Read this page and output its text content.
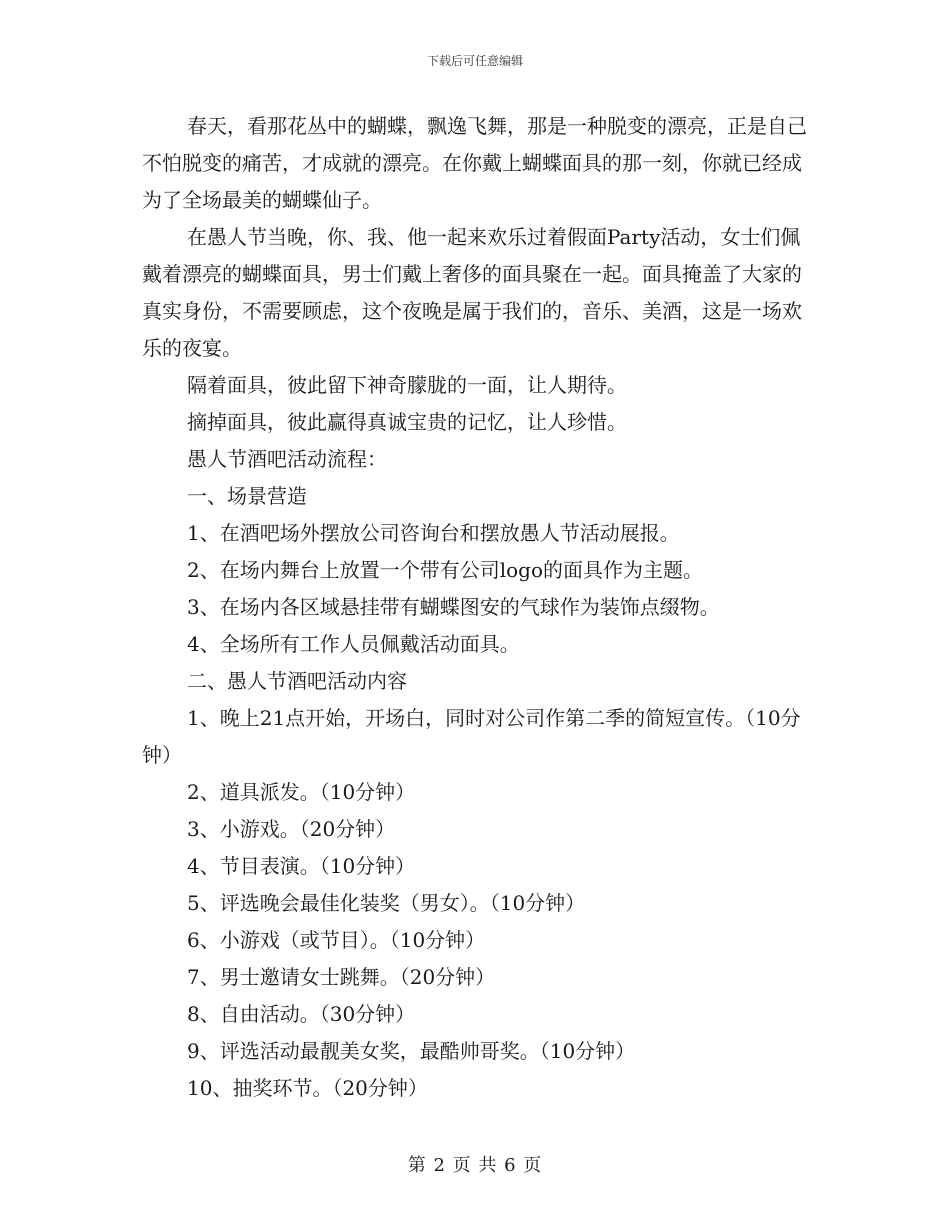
下载后可任意编辑

春天，看那花丛中的蝴蝶，飘逸飞舞，那是一种脱变的漂亮，正是自己不怕脱变的痛苦，才成就的漂亮。在你戴上蝴蝶面具的那一刻，你就已经成为了全场最美的蝴蝶仙子。

在愚人节当晚，你、我、他一起来欢乐过着假面Party活动，女士们佩戴着漂亮的蝴蝶面具，男士们戴上奢侈的面具聚在一起。面具掩盖了大家的真实身份，不需要顾虑，这个夜晚是属于我们的，音乐、美酒，这是一场欢乐的夜宴。

隔着面具，彼此留下神奇朦胧的一面，让人期待。

摘掉面具，彼此赢得真诚宝贵的记忆，让人珍惜。

愚人节酒吧活动流程：

一、场景营造

1、在酒吧场外摆放公司咨询台和摆放愚人节活动展报。

2、在场内舞台上放置一个带有公司logo的面具作为主题。

3、在场内各区域悬挂带有蝴蝶图安的气球作为装饰点缀物。

4、全场所有工作人员佩戴活动面具。

二、愚人节酒吧活动内容

1、晚上21点开始，开场白，同时对公司作第二季的简短宣传。（10分钟）

2、道具派发。（10分钟）

3、小游戏。（20分钟）

4、节目表演。（10分钟）

5、评选晚会最佳化装奖（男女）。（10分钟）

6、小游戏（或节目）。（10分钟）

7、男士邀请女士跳舞。（20分钟）

8、自由活动。（30分钟）

9、评选活动最靓美女奖，最酷帅哥奖。（10分钟）

10、抽奖环节。（20分钟）

第 2 页 共 6 页
